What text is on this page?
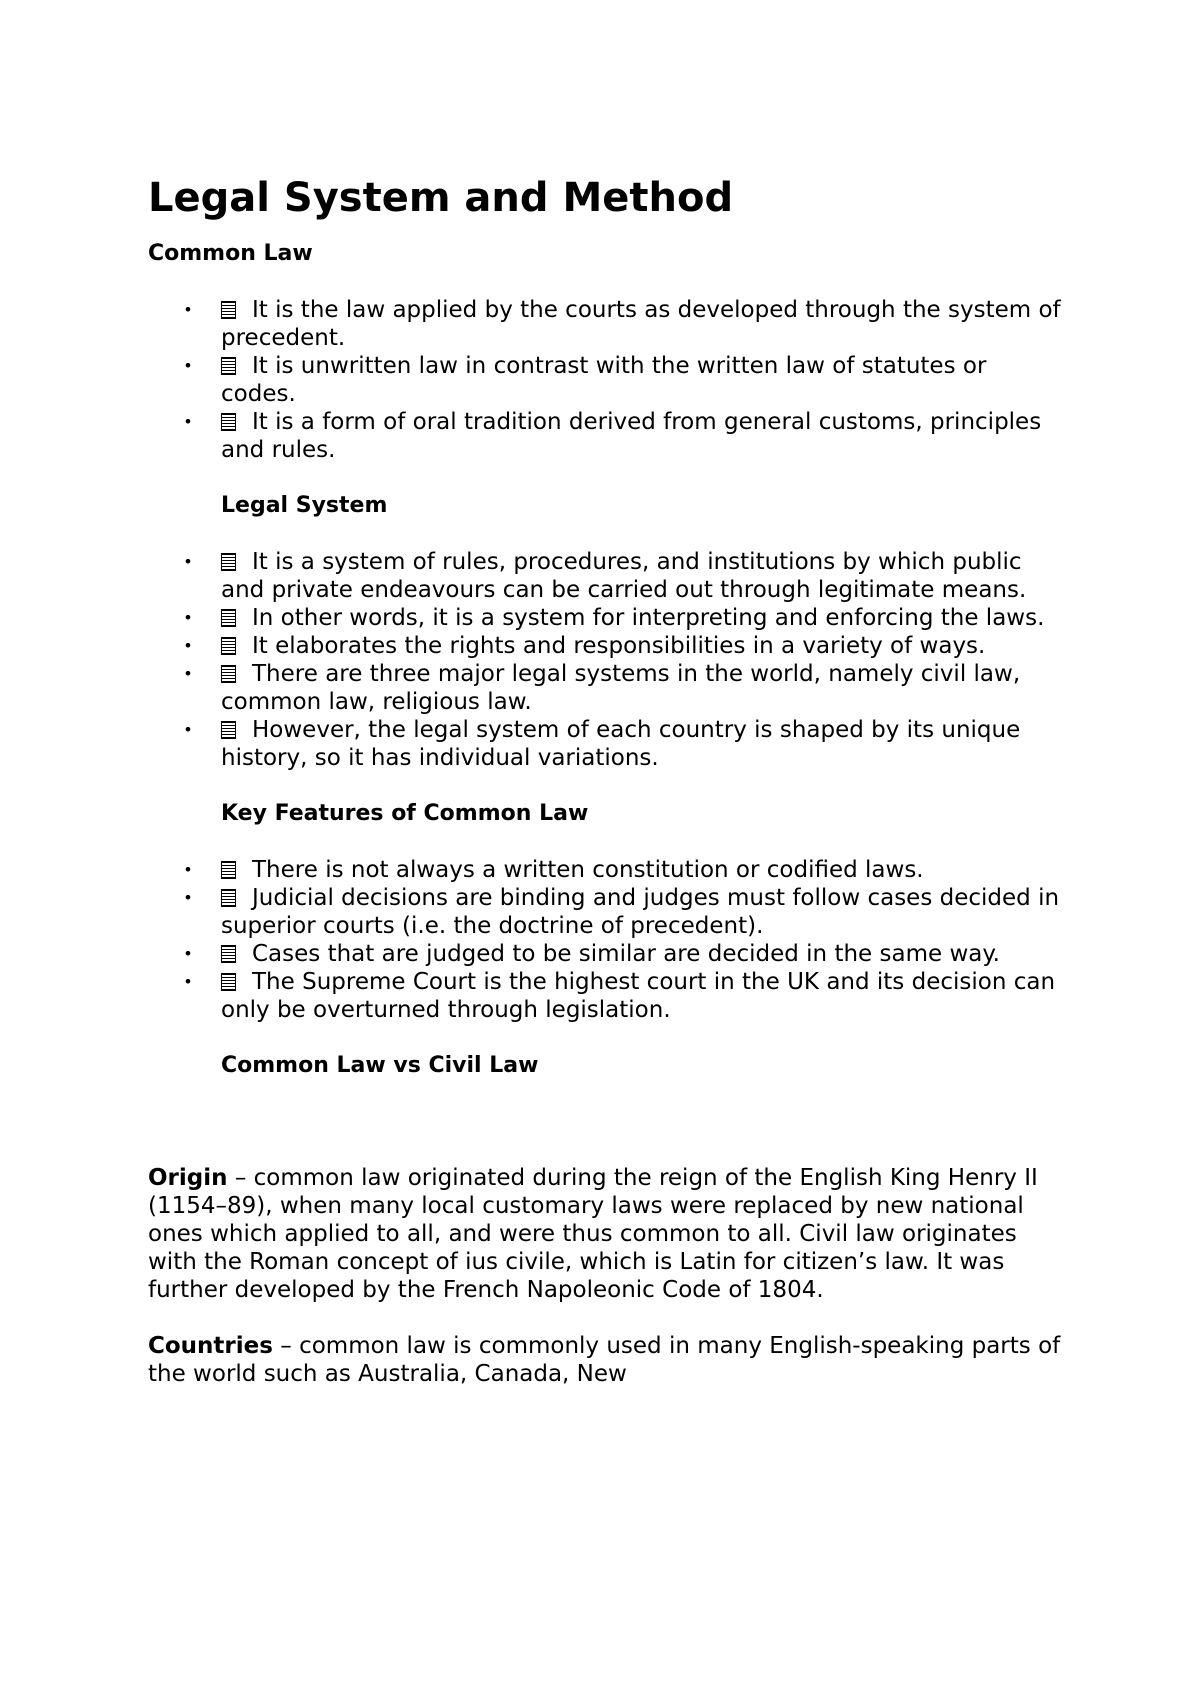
Legal System and Method
Common Law
•	It is the law applied by the courts as developed through the system of precedent.
•	It is unwritten law in contrast with the written law of statutes or codes.
•	It is a form of oral tradition derived from general customs, principles and rules.
Legal System
•	It is a system of rules, procedures, and institutions by which public and private endeavours can be carried out through legitimate means.
•	In other words, it is a system for interpreting and enforcing the laws.
•	It elaborates the rights and responsibilities in a variety of ways.
•	There are three major legal systems in the world, namely civil law, common law, religious law.
•	However, the legal system of each country is shaped by its unique history, so it has individual variations.
Key Features of Common Law
•	There is not always a written constitution or codified laws.
•	Judicial decisions are binding and judges must follow cases decided in superior courts (i.e. the doctrine of precedent).
•	Cases that are judged to be similar are decided in the same way.
•	The Supreme Court is the highest court in the UK and its decision can only be overturned through legislation.
Common Law vs Civil Law

Origin – common law originated during the reign of the English King Henry II (1154–89), when many local customary laws were replaced by new national ones which applied to all, and were thus common to all. Civil law originates with the Roman concept of ius civile, which is Latin for citizen’s law. It was further developed by the French Napoleonic Code of 1804.

Countries – common law is commonly used in many English-speaking parts of the world such as Australia, Canada, New
